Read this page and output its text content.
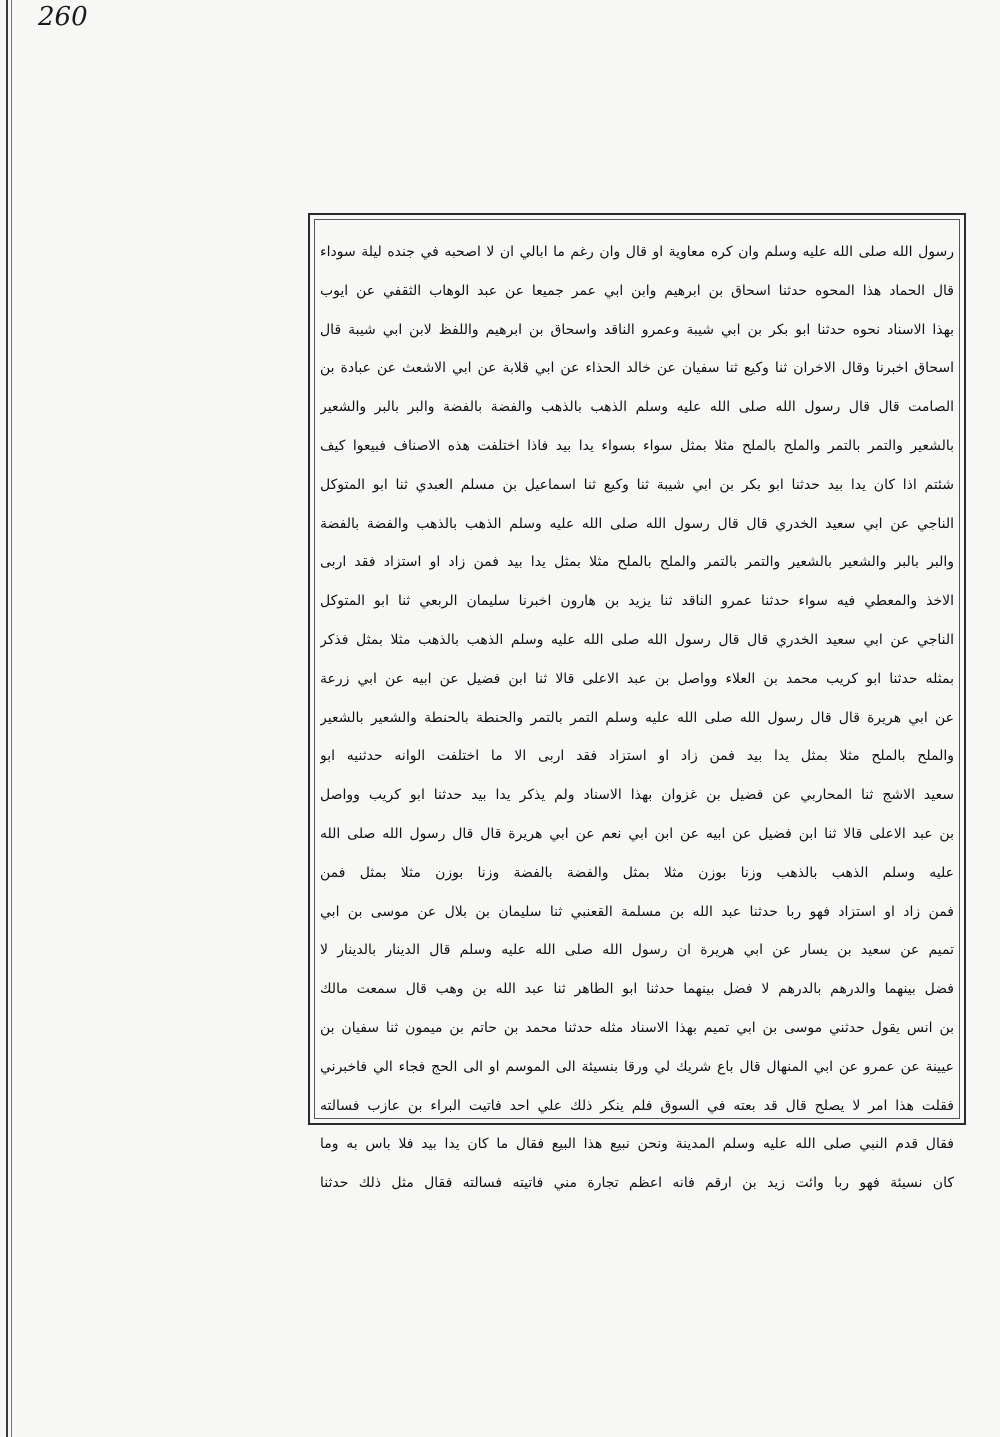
260
رسول الله صلى الله عليه وسلم وان كره معاوية او قال وان رغم ما ابالي ان لا اصحبه في جنده ليلة سوداء
قال الحماد هذا المحوه حدثنا اسحاق بن ابرهيم وابن ابي عمر جميعا عن عبد الوهاب الثقفي عن ايوب
بهذا الاسناد نحوه حدثنا ابو بكر بن ابي شيبة وعمرو الناقد واسحاق بن ابرهيم واللفظ لابن ابي شيبة قال
اسحاق اخبرنا وقال الاخران ثنا وكيع ثنا سفيان عن خالد الحذاء عن ابي قلابة عن ابي الاشعث عن عبادة بن
الصامت قال قال رسول الله صلى الله عليه وسلم الذهب بالذهب والفضة بالفضة والبر بالبر والشعير
بالشعير والتمر بالتمر والملح بالملح مثلا بمثل سواء بسواء يدا بيد فاذا اختلفت هذه الاصناف فبيعوا كيف
شئتم اذا كان يدا بيد حدثنا ابو بكر بن ابي شيبة ثنا وكيع ثنا اسماعيل بن مسلم العبدي ثنا ابو المتوكل
الناجي عن ابي سعيد الخدري قال قال رسول الله صلى الله عليه وسلم الذهب بالذهب والفضة بالفضة
والبر بالبر والشعير بالشعير والتمر بالتمر والملح بالملح مثلا بمثل يدا بيد فمن زاد او استزاد فقد اربى
الاخذ والمعطي فيه سواء حدثنا عمرو الناقد ثنا يزيد بن هارون اخبرنا سليمان الربعي ثنا ابو المتوكل
الناجي عن ابي سعيد الخدري قال قال رسول الله صلى الله عليه وسلم الذهب بالذهب مثلا بمثل فذكر
بمثله حدثنا ابو كريب محمد بن العلاء وواصل بن عبد الاعلى قالا ثنا ابن فضيل عن ابيه عن ابي زرعة
عن ابي هريرة قال قال رسول الله صلى الله عليه وسلم التمر بالتمر والحنطة بالحنطة والشعير بالشعير
والملح بالملح مثلا بمثل يدا بيد فمن زاد او استزاد فقد اربى الا ما اختلفت الوانه حدثنيه ابو
سعيد الاشج ثنا المحاربي عن فضيل بن غزوان بهذا الاسناد ولم يذكر يدا بيد حدثنا ابو كريب وواصل
بن عبد الاعلى قالا ثنا ابن فضيل عن ابيه عن ابن ابي نعم عن ابي هريرة قال قال رسول الله صلى الله
عليه وسلم الذهب بالذهب وزنا بوزن مثلا بمثل والفضة بالفضة وزنا بوزن مثلا بمثل فمن
فمن زاد او استزاد فهو ربا حدثنا عبد الله بن مسلمة القعنبي ثنا سليمان بن بلال عن موسى بن ابي
تميم عن سعيد بن يسار عن ابي هريرة ان رسول الله صلى الله عليه وسلم قال الدينار بالدينار لا
فضل بينهما والدرهم بالدرهم لا فضل بينهما حدثنا ابو الطاهر ثنا عبد الله بن وهب قال سمعت مالك
بن انس يقول حدثني موسى بن ابي تميم بهذا الاسناد مثله حدثنا محمد بن حاتم بن ميمون ثنا سفيان بن
عيينة عن عمرو عن ابي المنهال قال باع شريك لي ورقا بنسيئة الى الموسم او الى الحج فجاء الي فاخبرني
فقلت هذا امر لا يصلح قال قد بعته في السوق فلم ينكر ذلك علي احد فاتيت البراء بن عازب فسالته
فقال قدم النبي صلى الله عليه وسلم المدينة ونحن نبيع هذا البيع فقال ما كان يدا بيد فلا باس به وما
كان نسيئة فهو ربا وائت زيد بن ارقم فانه اعظم تجارة مني فاتيته فسالته فقال مثل ذلك حدثنا
